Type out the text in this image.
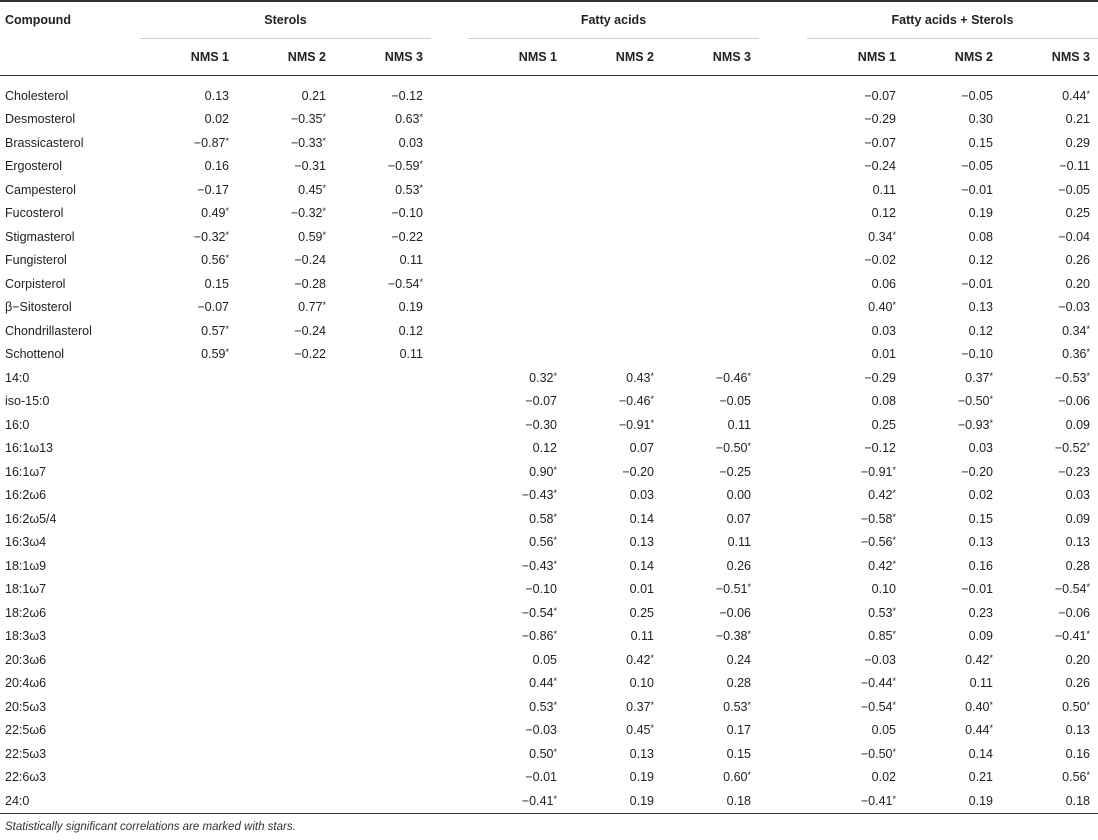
Compound	Sterols				Fatty acids				Fatty acids + Sterols		
	NMS 1	NMS 2	NMS 3		NMS 1	NMS 2	NMS 3		NMS 1	NMS 2	NMS 3

Cholesterol	0.13	0.21	−0.12						−0.07	−0.05	0.44*
Desmosterol	0.02	−0.35*	0.63*						−0.29	0.30	0.21
Brassicasterol	−0.87*	−0.33*	0.03						−0.07	0.15	0.29
Ergosterol	0.16	−0.31	−0.59*						−0.24	−0.05	−0.11
Campesterol	−0.17	0.45*	0.53*						0.11	−0.01	−0.05
Fucosterol	0.49*	−0.32*	−0.10						0.12	0.19	0.25
Stigmasterol	−0.32*	0.59*	−0.22						0.34*	0.08	−0.04
Fungisterol	0.56*	−0.24	0.11						−0.02	0.12	0.26
Corpisterol	0.15	−0.28	−0.54*						0.06	−0.01	0.20
β−Sitosterol	−0.07	0.77*	0.19						0.40*	0.13	−0.03
Chondrillasterol	0.57*	−0.24	0.12						0.03	0.12	0.34*
Schottenol	0.59*	−0.22	0.11						0.01	−0.10	0.36*
14:0					0.32*	0.43*	−0.46*		−0.29	0.37*	−0.53*
iso-15:0					−0.07	−0.46*	−0.05		0.08	−0.50*	−0.06
16:0					−0.30	−0.91*	0.11		0.25	−0.93*	0.09
16:1ω13					0.12	0.07	−0.50*		−0.12	0.03	−0.52*
16:1ω7					0.90*	−0.20	−0.25		−0.91*	−0.20	−0.23
16:2ω6					−0.43*	0.03	0.00		0.42*	0.02	0.03
16:2ω5/4					0.58*	0.14	0.07		−0.58*	0.15	0.09
16:3ω4					0.56*	0.13	0.11		−0.56*	0.13	0.13
18:1ω9					−0.43*	0.14	0.26		0.42*	0.16	0.28
18:1ω7					−0.10	0.01	−0.51*		0.10	−0.01	−0.54*
18:2ω6					−0.54*	0.25	−0.06		0.53*	0.23	−0.06
18:3ω3					−0.86*	0.11	−0.38*		0.85*	0.09	−0.41*
20:3ω6					0.05	0.42*	0.24		−0.03	0.42*	0.20
20:4ω6					0.44*	0.10	0.28		−0.44*	0.11	0.26
20:5ω3					0.53*	0.37*	0.53*		−0.54*	0.40*	0.50*
22:5ω6					−0.03	0.45*	0.17		0.05	0.44*	0.13
22:5ω3					0.50*	0.13	0.15		−0.50*	0.14	0.16
22:6ω3					−0.01	0.19	0.60*		0.02	0.21	0.56*
24:0					−0.41*	0.19	0.18		−0.41*	0.19	0.18
Statistically significant correlations are marked with stars.
